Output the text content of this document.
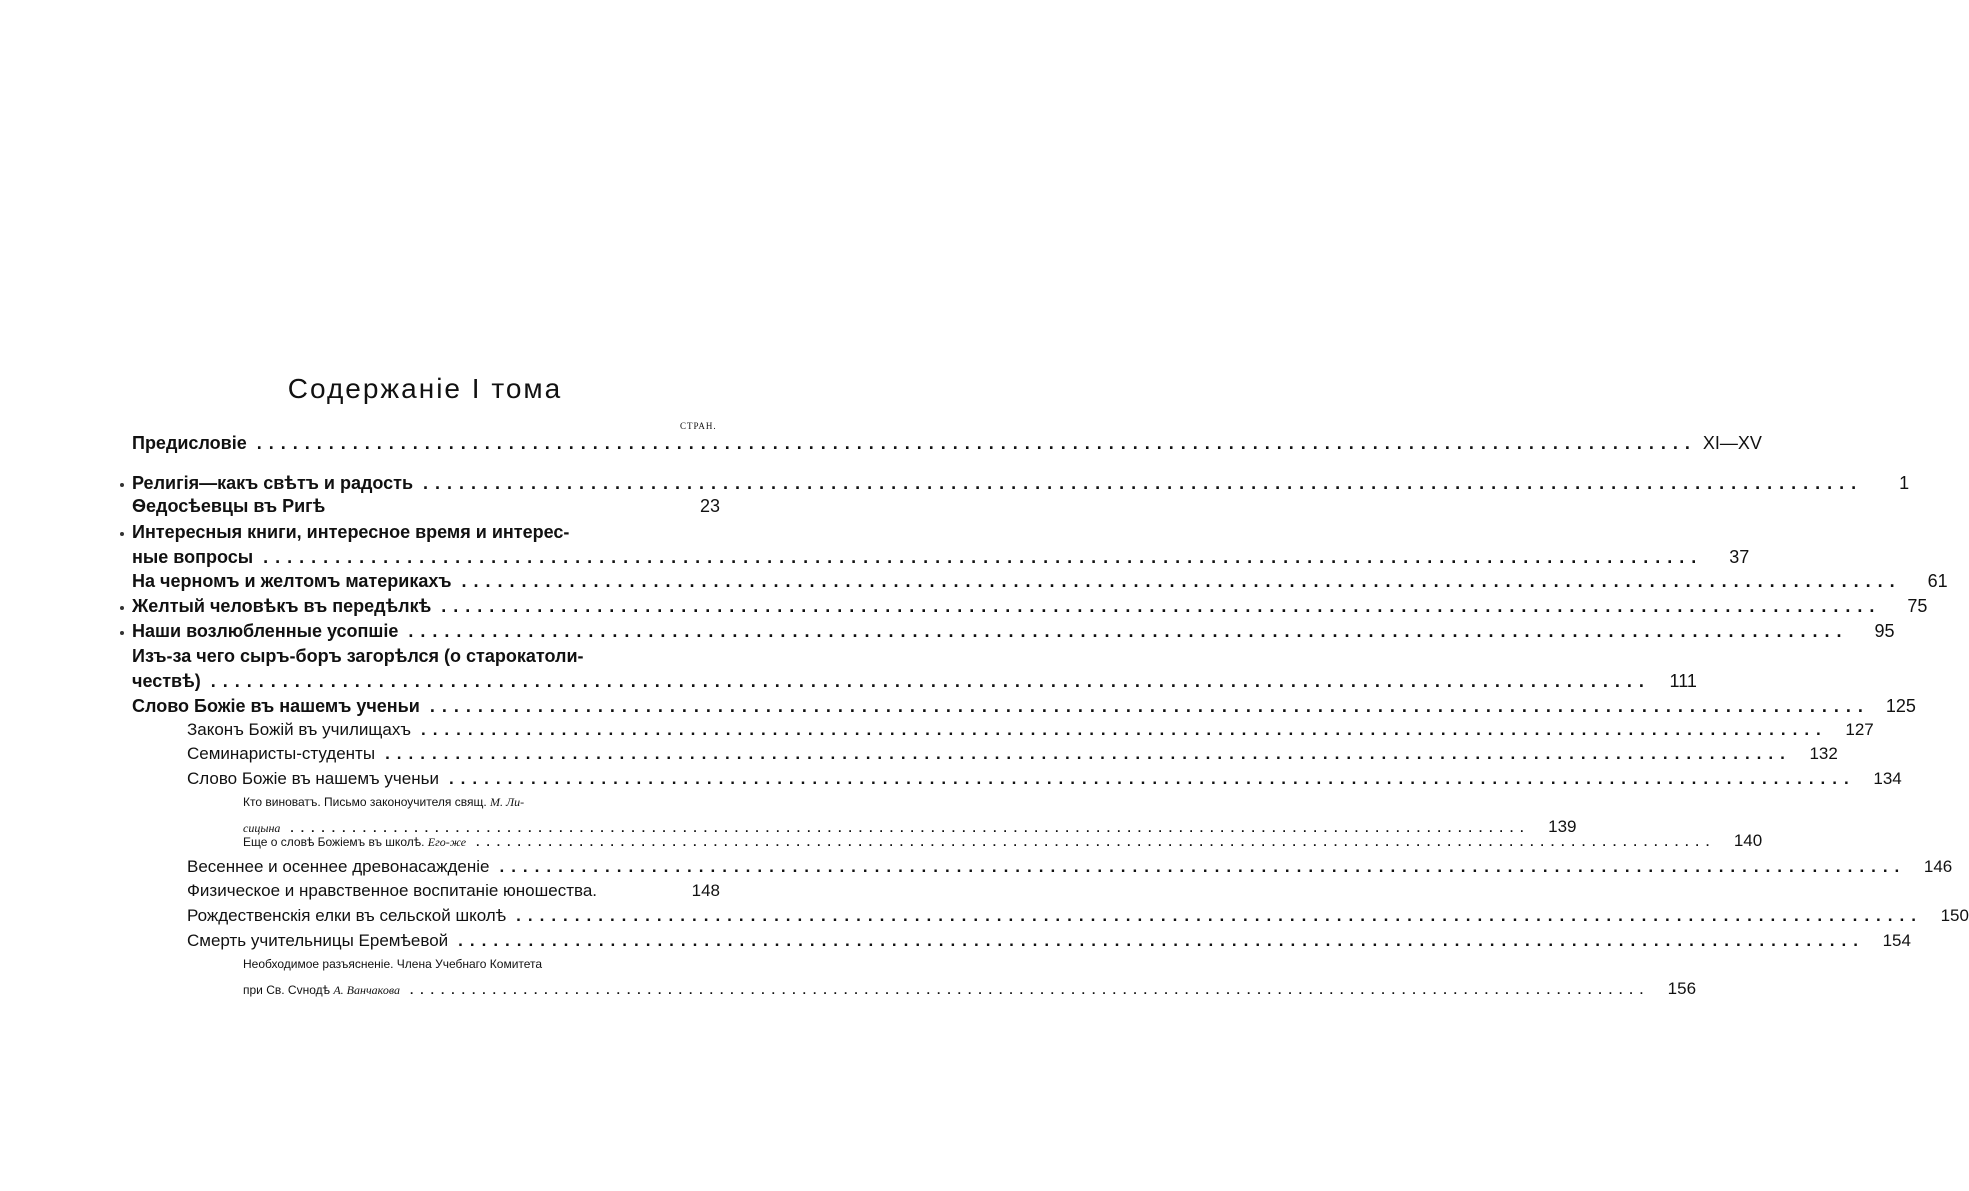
Содержаніе I тома
СТРАН.
Предисловіе ........................................................................................................................ XI—XV
Религія—какъ свѣтъ и радость ........................................................................................................................	1
Ѳедосѣевцы въ Ригѣ	23
Интересныя книги, интересное время и интерес-
ные вопросы ........................................................................................................................	37
На черномъ и желтомъ материкахъ ........................................................................................................................	61
Желтый человѣкъ въ передѣлкѣ ........................................................................................................................	75
Наши возлюбленные усопшіе ........................................................................................................................	95
Изъ-за чего сыръ-боръ загорѣлся (о старокатоли-
чествѣ) ........................................................................................................................	111
Слово Божіе въ нашемъ ученьи ........................................................................................................................ 125
Законъ Божій въ училищахъ ........................................................................................................................	127
Семинаристы-студенты ........................................................................................................................	132
Слово Божіе въ нашемъ ученьи ........................................................................................................................	134
Кто виноватъ. Письмо законоучителя свящ. М. Ли-
сицына ........................................................................................................................	139
Еще о словѣ Божіемъ въ школѣ. Его-же ........................................................................................................................	140
Весеннее и осеннее древонасажденіе ........................................................................................................................	146
Физическое и нравственное воспитаніе юношества.	148
Рождественскія елки въ сельской школѣ ........................................................................................................................	150
Смерть учительницы Еремѣевой ........................................................................................................................	154
Необходимое разъясненіе. Члена Учебнаго Комитета
при Св. Сvнодѣ А. Ванчакова ........................................................................................................................	156
